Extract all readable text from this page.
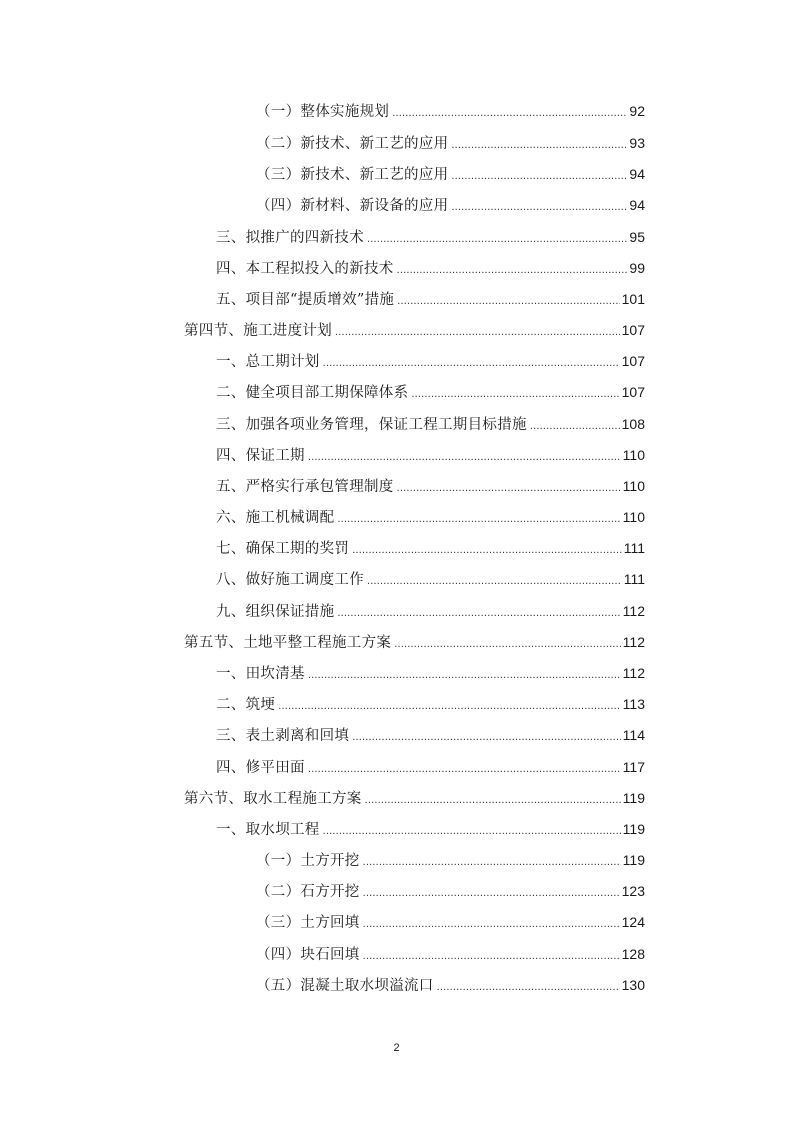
（一）整体实施规划 .....	92
（二）新技术、新工艺的应用 .....	93
（三）新技术、新工艺的应用 .....	94
（四）新材料、新设备的应用 .....	94
三、拟推广的四新技术 .....	95
四、本工程拟投入的新技术 .....	99
五、项目部“提质增效”措施 .....	101
第四节、施工进度计划 .....	107
一、总工期计划 .....	107
二、健全项目部工期保障体系 .....	107
三、加强各项业务管理，保证工程工期目标措施 .....	108
四、保证工期 .....	110
五、严格实行承包管理制度 .....	110
六、施工机械调配 .....	110
七、确保工期的奖罚 .....	111
八、做好施工调度工作 .....	111
九、组织保证措施 .....	112
第五节、土地平整工程施工方案 .....	112
一、田坎清基 .....	112
二、筑埂 .....	113
三、表土剥离和回填 .....	114
四、修平田面 .....	117
第六节、取水工程施工方案 .....	119
一、取水坝工程 .....	119
（一）土方开挖 .....	119
（二）石方开挖 .....	123
（三）土方回填 .....	124
（四）块石回填 .....	128
（五）混凝土取水坝溢流口 .....	130
2
